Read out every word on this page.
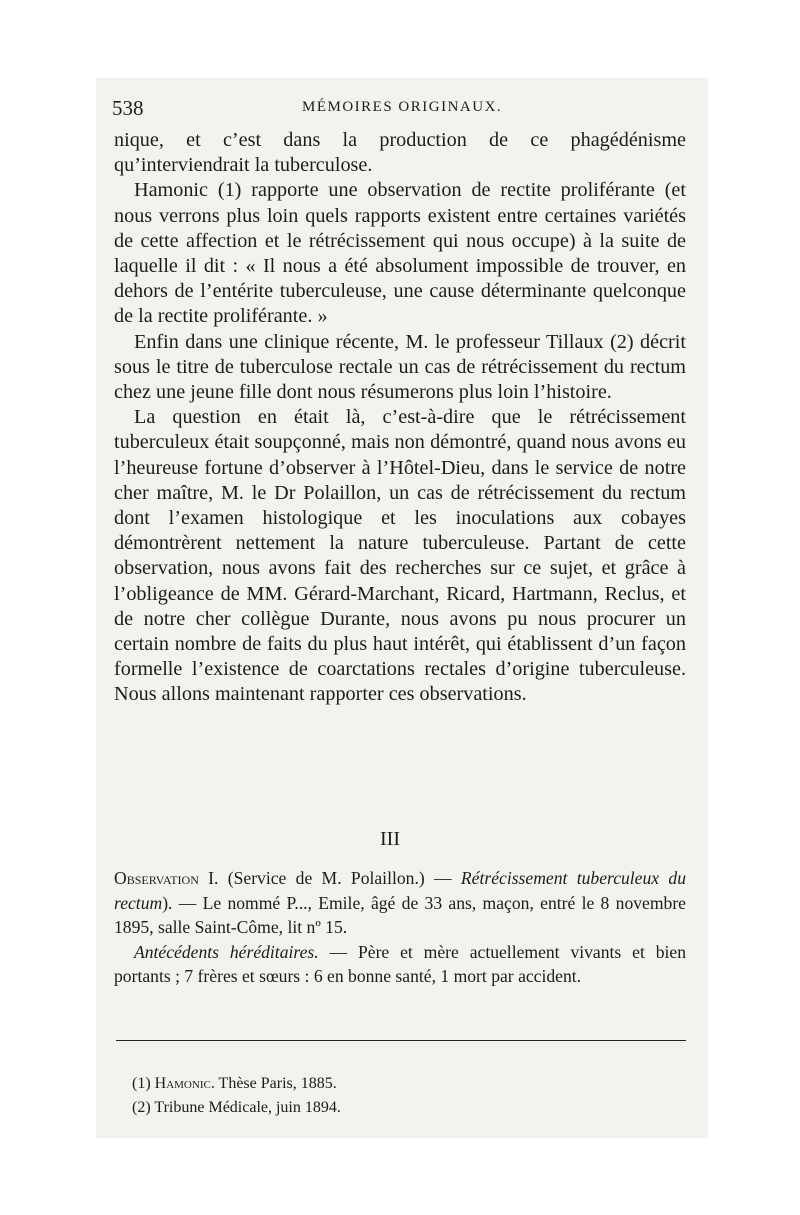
538	MÉMOIRES ORIGINAUX.

nique, et c’est dans la production de ce phagédénisme qu’interviendrait la tuberculose.

Hamonic (1) rapporte une observation de rectite proliférante (et nous verrons plus loin quels rapports existent entre certaines variétés de cette affection et le rétrécissement qui nous occupe) à la suite de laquelle il dit : « Il nous a été absolument impossible de trouver, en dehors de l’entérite tuberculeuse, une cause déterminante quelconque de la rectite proliférante. »

Enfin dans une clinique récente, M. le professeur Tillaux (2) décrit sous le titre de tuberculose rectale un cas de rétrécissement du rectum chez une jeune fille dont nous résumerons plus loin l’histoire.

La question en était là, c’est-à-dire que le rétrécissement tuberculeux était soupçonné, mais non démontré, quand nous avons eu l’heureuse fortune d’observer à l’Hôtel-Dieu, dans le service de notre cher maître, M. le Dr Polaillon, un cas de rétrécissement du rectum dont l’examen histologique et les inoculations aux cobayes démontrèrent nettement la nature tuberculeuse. Partant de cette observation, nous avons fait des recherches sur ce sujet, et grâce à l’obligeance de MM. Gérard-Marchant, Ricard, Hartmann, Reclus, et de notre cher collègue Durante, nous avons pu nous procurer un certain nombre de faits du plus haut intérêt, qui établissent d’un façon formelle l’existence de coarctations rectales d’origine tuberculeuse. Nous allons maintenant rapporter ces observations.

III

Observation I. (Service de M. Polaillon.) — Rétrécissement tuberculeux du rectum). — Le nommé P..., Emile, âgé de 33 ans, maçon, entré le 8 novembre 1895, salle Saint-Côme, lit nº 15.

Antécédents héréditaires. — Père et mère actuellement vivants et bien portants ; 7 frères et sœurs : 6 en bonne santé, 1 mort par accident.

(1) Hamonic. Thèse Paris, 1885.
(2) Tribune Médicale, juin 1894.
